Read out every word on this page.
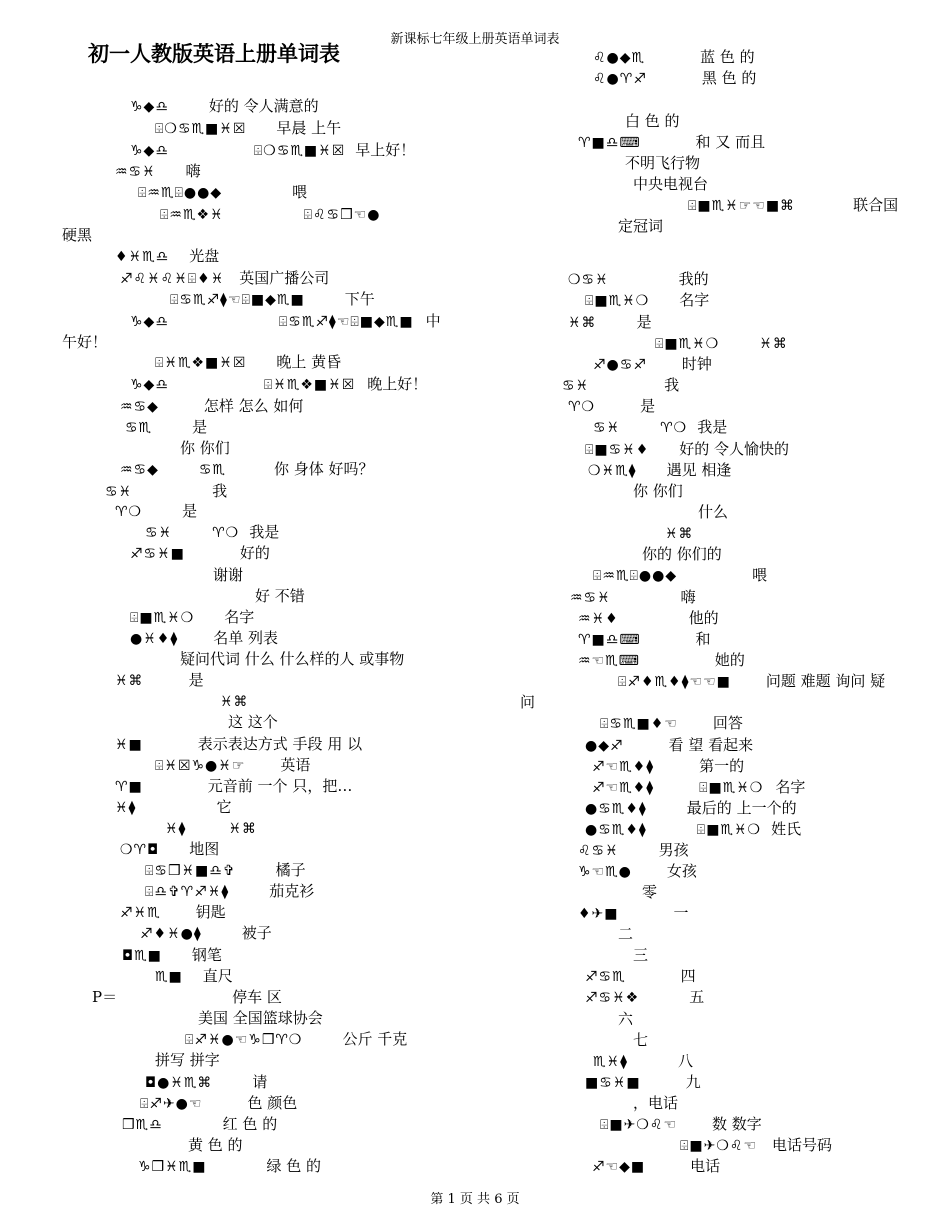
新课标七年级上册英语单词表
初一人教版英语上册单词表
♑◆♎	好的 令人满意的
⌹❍♋♏■♓☒ 早晨 上午
♑◆♎	⌹❍♋♏■♓☒ 早上好！
♒♋♓ 嗨
⌹♒♏⌹●●◆	喂
⌹♒♏❖♓	⌹♌♋❒☜●
硬黑
♦♓♏♎ 光盘
♐♌♓♌♓⌹♦♓ 英国广播公司
⌹♋♏♐⧫☜⌹■◆♏■	下午
♑◆♎	⌹♋♏♐⧫☜⌹■◆♏■ 中
午好！
⌹♓♏❖■♓☒ 晚上 黄昏
♑◆♎	⌹♓♏❖■♓☒ 晚上好！
♒♋◆	怎样 怎么 如何
♋♏	是
你 你们
♒♋◆	♋♏	你 身体 好吗？
♋♓	我
♈❍	是
♋♓	♈❍ 我是
♐♋♓■	好的
谢谢
好 不错
⌹■♏♓❍ 名字
●♓♦⧫ 名单 列表
疑问代词 什么 什么样的人 或事物
♓⌘	是
♓⌘
这 这个
♓■	表示表达方式 手段 用 以
⌹♓☒♑●♓☞ 英语
♈■	元音前 一个 只，把…
♓⧫	它
♓⧫	♓⌘
❍♈◘ 地图
⌹♋❒♓■♎✞	橘子
⌹♎✞♈♐♓⧫	茄克衫
♐♓♏ 钥匙
♐♦♓●⧫	被子
◘♏■ 钢笔
♏■ 直尺
P＝	停车 区
美国 全国篮球协会
⌹♐♓●☜♑❒♈❍	公斤 千克
拼写 拼字
◘●♓♏⌘	请
⌹♐✈●☜	色 颜色
❒♏♎	红 色 的
黄 色 的
♑❒♓♏■	绿 色 的
♌●◆♏	蓝 色 的
♌●♈♐	黑 色 的
白 色 的
♈■♎⌨	和 又 而且
不明飞行物
中央电视台
⌹■♏♓☞☜■⌘	联合国
定冠词
❍♋♓	我的
⌹■♏♓❍ 名字
♓⌘	是
⌹■♏♓❍	♓⌘
♐●♋♐ 时钟
♋♓	我
♈❍	是
♋♓	♈❍ 我是
⌹■♋♓♦ 好的 令人愉快的
❍♓♏⧫ 遇见 相逢
你 你们
什么
♓⌘
你的 你们的
⌹♒♏⌹●●◆	喂
♒♋♓	嗨
♒♓♦	他的
♈■♎⌨	和
♒☜♏⌨	她的
⌹♐♦♏♦⧫☜☜■ 问题 难题 询问 疑
问
⌹♋♏■♦☜ 回答
●◆♐	看 望 看起来
♐☜♏♦⧫	第一的
♐☜♏♦⧫	⌹■♏♓❍ 名字
●♋♏♦⧫	最后的 上一个的
●♋♏♦⧫	⌹■♏♓❍ 姓氏
♌♋♓	男孩
♑☜♏● 女孩
零
♦✈■	一
二
三
♐♋♏	四
♐♋♓❖	五
六
七
♏♓⧫	八
■♋♓■	九
，电话
⌹■✈❍♌☜ 数 数字
⌹■✈❍♌☜ 电话号码
♐☜◆■	电话
第 1 页 共 6 页
